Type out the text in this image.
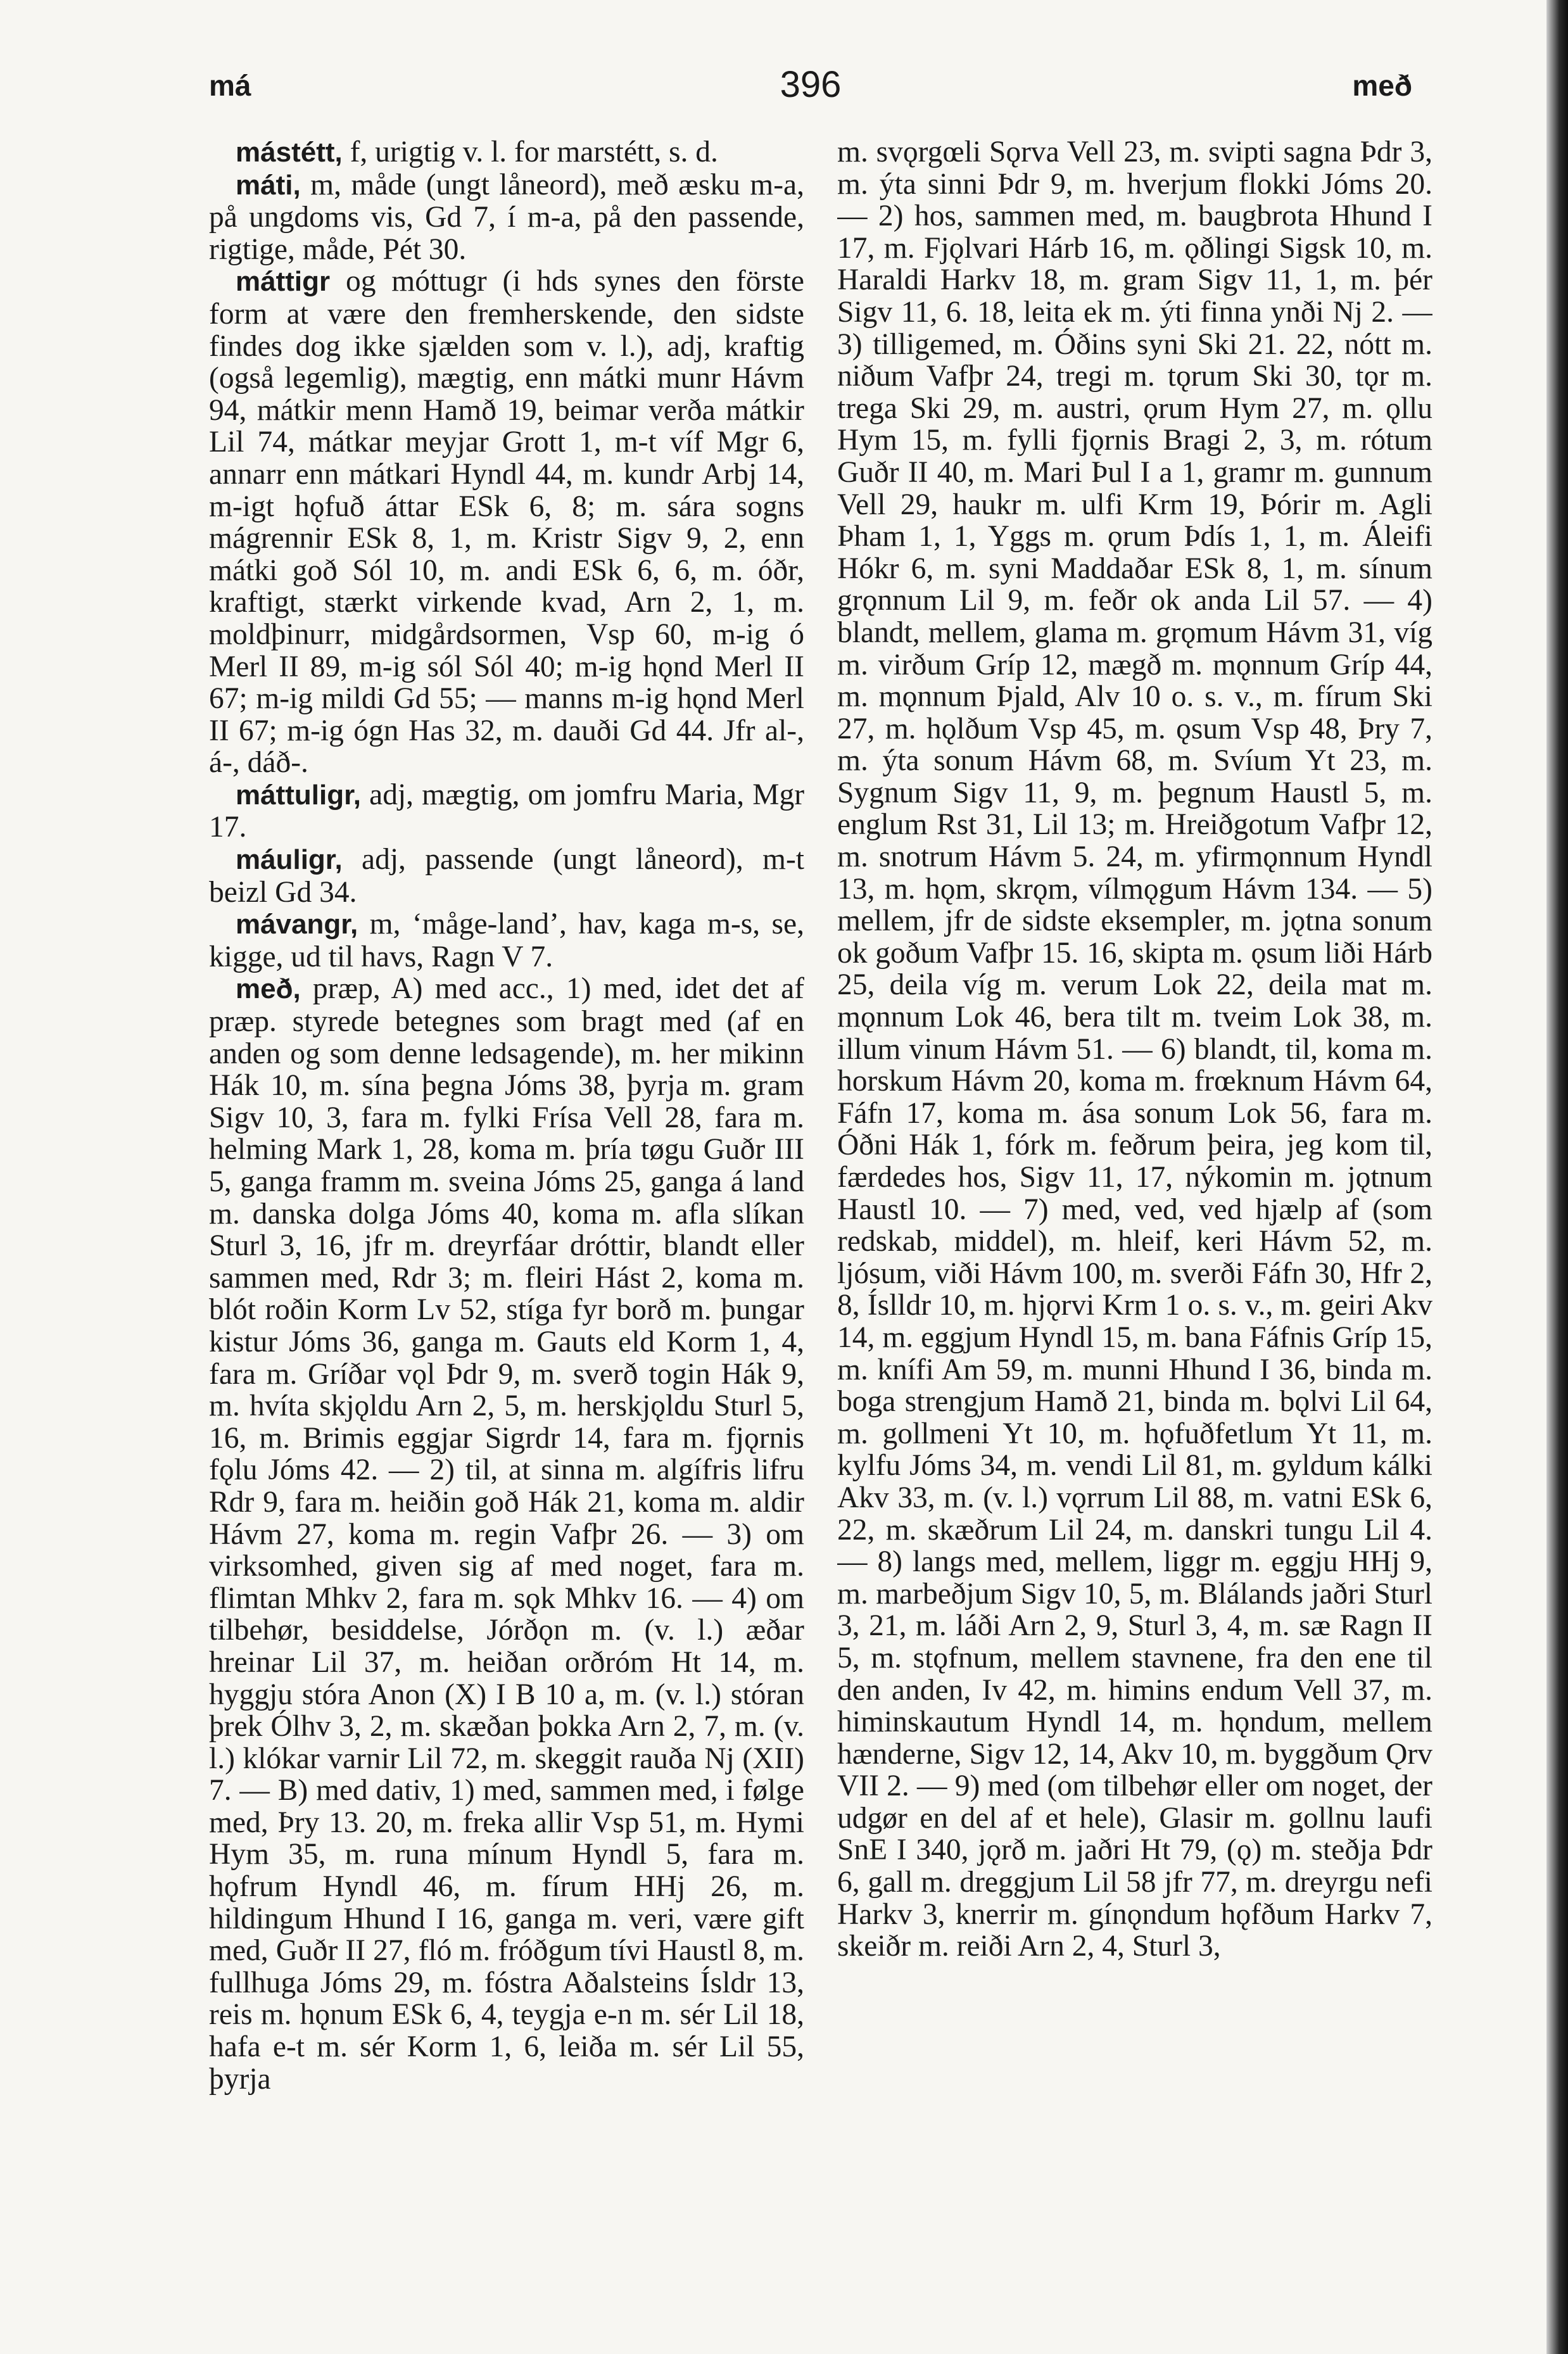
má	396	með

mástétt, f, urigtig v. l. for marstétt, s. d.

máti, m, måde (ungt låneord), með æsku m-a, på ungdoms vis, Gd 7, í m-a, på den passende, rigtige, måde, Pét 30.

máttigr og móttugr (i hds synes den förste form at være den fremherskende, den sidste findes dog ikke sjælden som v. l.), adj, kraftig (også legemlig), mægtig, enn mátki munr Hávm 94, mátkir menn Hamð 19, beimar verða mátkir Lil 74, mátkar meyjar Grott 1, m-t víf Mgr 6, annarr enn mátkari Hyndl 44, m. kundr Arbj 14, m-igt hǫfuð áttar ESk 6, 8; m. sára sogns mágrennir ESk 8, 1, m. Kristr Sigv 9, 2, enn mátki goð Sól 10, m. andi ESk 6, 6, m. óðr, kraftigt, stærkt virkende kvad, Arn 2, 1, m. moldþinurr, midgårdsormen, Vsp 60, m-ig ó Merl II 89, m-ig sól Sól 40; m-ig hǫnd Merl II 67; m-ig mildi Gd 55; — manns m-ig hǫnd Merl II 67; m-ig ógn Has 32, m. dauði Gd 44. Jfr al-, á-, dáð-.

máttuligr, adj, mægtig, om jomfru Maria, Mgr 17.

máuligr, adj, passende (ungt låneord), m-t beizl Gd 34.

mávangr, m, ‘måge-land’, hav, kaga m-s, se, kigge, ud til havs, Ragn V 7.

með, præp, A) med acc., 1) med, idet det af præp. styrede betegnes som bragt med (af en anden og som denne ledsagende), m. her mikinn Hák 10, m. sína þegna Jóms 38, þyrja m. gram Sigv 10, 3, fara m. fylki Frísa Vell 28, fara m. helming Mark 1, 28, koma m. þría tøgu Guðr III 5, ganga framm m. sveina Jóms 25, ganga á land m. danska dolga Jóms 40, koma m. afla slíkan Sturl 3, 16, jfr m. dreyrfáar dróttir, blandt eller sammen med, Rdr 3; m. fleiri Hást 2, koma m. blót roðin Korm Lv 52, stíga fyr borð m. þungar kistur Jóms 36, ganga m. Gauts eld Korm 1, 4, fara m. Gríðar vǫl Þdr 9, m. sverð togin Hák 9, m. hvíta skjǫldu Arn 2, 5, m. herskjǫldu Sturl 5, 16, m. Brimis eggjar Sigrdr 14, fara m. fjǫrnis fǫlu Jóms 42. — 2) til, at sinna m. algífris lifru Rdr 9, fara m. heiðin goð Hák 21, koma m. aldir Hávm 27, koma m. regin Vafþr 26. — 3) om virksomhed, given sig af med noget, fara m. flimtan Mhkv 2, fara m. sǫk Mhkv 16. — 4) om tilbehør, besiddelse, Jórðǫn m. (v. l.) æðar hreinar Lil 37, m. heiðan orðróm Ht 14, m. hyggju stóra Anon (X) I B 10 a, m. (v. l.) stóran þrek Ólhv 3, 2, m. skæðan þokka Arn 2, 7, m. (v. l.) klókar varnir Lil 72, m. skeggit rauða Nj (XII) 7. — B) med dativ, 1) med, sammen med, i følge med, Þry 13. 20, m. freka allir Vsp 51, m. Hymi Hym 35, m. runa mínum Hyndl 5, fara m. hǫfrum Hyndl 46, m. fírum HHj 26, m. hildingum Hhund I 16, ganga m. veri, være gift med, Guðr II 27, fló m. fróðgum tívi Haustl 8, m. fullhuga Jóms 29, m. fóstra Aðalsteins Ísldr 13, reis m. hǫnum ESk 6, 4, teygja e-n m. sér Lil 18, hafa e-t m. sér Korm 1, 6, leiða m. sér Lil 55, þyrja

m. svǫrgœli Sǫrva Vell 23, m. svipti sagna Þdr 3, m. ýta sinni Þdr 9, m. hverjum flokki Jóms 20. — 2) hos, sammen med, m. baugbrota Hhund I 17, m. Fjǫlvari Hárb 16, m. ǫðlingi Sigsk 10, m. Haraldi Harkv 18, m. gram Sigv 11, 1, m. þér Sigv 11, 6. 18, leita ek m. ýti finna ynði Nj 2. — 3) tilligemed, m. Óðins syni Ski 21. 22, nótt m. niðum Vafþr 24, tregi m. tǫrum Ski 30, tǫr m. trega Ski 29, m. austri, ǫrum Hym 27, m. ǫllu Hym 15, m. fylli fjǫrnis Bragi 2, 3, m. rótum Guðr II 40, m. Mari Þul I a 1, gramr m. gunnum Vell 29, haukr m. ulfi Krm 19, Þórir m. Agli Þham 1, 1, Yggs m. ǫrum Þdís 1, 1, m. Áleifi Hókr 6, m. syni Maddaðar ESk 8, 1, m. sínum grǫnnum Lil 9, m. feðr ok anda Lil 57. — 4) blandt, mellem, glama m. grǫmum Hávm 31, víg m. virðum Gríp 12, mægð m. mǫnnum Gríp 44, m. mǫnnum Þjald, Alv 10 o. s. v., m. fírum Ski 27, m. hǫlðum Vsp 45, m. ǫsum Vsp 48, Þry 7, m. ýta sonum Hávm 68, m. Svíum Yt 23, m. Sygnum Sigv 11, 9, m. þegnum Haustl 5, m. englum Rst 31, Lil 13; m. Hreiðgotum Vafþr 12, m. snotrum Hávm 5. 24, m. yfirmǫnnum Hyndl 13, m. hǫm, skrǫm, vílmǫgum Hávm 134. — 5) mellem, jfr de sidste eksempler, m. jǫtna sonum ok goðum Vafþr 15. 16, skipta m. ǫsum liði Hárb 25, deila víg m. verum Lok 22, deila mat m. mǫnnum Lok 46, bera tilt m. tveim Lok 38, m. illum vinum Hávm 51. — 6) blandt, til, koma m. horskum Hávm 20, koma m. frœknum Hávm 64, Fáfn 17, koma m. ása sonum Lok 56, fara m. Óðni Hák 1, fórk m. feðrum þeira, jeg kom til, færdedes hos, Sigv 11, 17, nýkomin m. jǫtnum Haustl 10. — 7) med, ved, ved hjælp af (som redskab, middel), m. hleif, keri Hávm 52, m. ljósum, viði Hávm 100, m. sverði Fáfn 30, Hfr 2, 8, Íslldr 10, m. hjǫrvi Krm 1 o. s. v., m. geiri Akv 14, m. eggjum Hyndl 15, m. bana Fáfnis Gríp 15, m. knífi Am 59, m. munni Hhund I 36, binda m. boga strengjum Hamð 21, binda m. bǫlvi Lil 64, m. gollmeni Yt 10, m. hǫfuðfetlum Yt 11, m. kylfu Jóms 34, m. vendi Lil 81, m. gyldum kálki Akv 33, m. (v. l.) vǫrrum Lil 88, m. vatni ESk 6, 22, m. skæðrum Lil 24, m. danskri tungu Lil 4. — 8) langs med, mellem, liggr m. eggju HHj 9, m. marbeðjum Sigv 10, 5, m. Blálands jaðri Sturl 3, 21, m. láði Arn 2, 9, Sturl 3, 4, m. sæ Ragn II 5, m. stǫfnum, mellem stavnene, fra den ene til den anden, Iv 42, m. himins endum Vell 37, m. himinskautum Hyndl 14, m. hǫndum, mellem hænderne, Sigv 12, 14, Akv 10, m. byggðum Ǫrv VII 2. — 9) med (om tilbehør eller om noget, der udgør en del af et hele), Glasir m. gollnu laufi SnE I 340, jǫrð m. jaðri Ht 79, (ǫ) m. steðja Þdr 6, gall m. dreggjum Lil 58 jfr 77, m. dreyrgu nefi Harkv 3, knerrir m. gínǫndum hǫfðum Harkv 7, skeiðr m. reiði Arn 2, 4, Sturl 3,
